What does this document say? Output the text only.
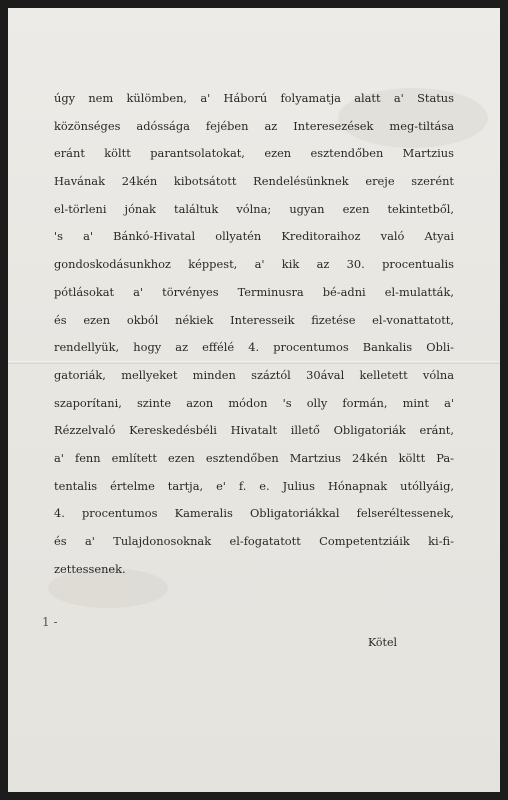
úgy nem külömben, a' Háború folyamatja alatt a' Status
közönséges adóssága fejében az Interesezések meg-tiltása
eránt költt parantsolatokat, ezen esztendőben Martzius
Havának 24kén kibotsátott Rendelésünknek ereje szerént
el-törleni jónak találtuk vólna; ugyan ezen tekintetből,
's a' Bánkó-Hivatal ollyatén Kreditoraihoz való Atyai
gondoskodásunkhoz képpest, a' kik az 30. procentualis
pótlásokat a' törvényes Terminusra bé-adni el-mulatták,
és ezen okból nékiek Interesseik fizetése el-vonattatott,
rendellyük, hogy az effélé 4. procentumos Bankalis Obli-
gatoriák, mellyeket minden száztól 30ával kelletett vólna
szaporítani, szinte azon módon 's olly formán, mint a'
Rézzelvaló Kereskedésbéli Hivatalt illető Obligatoriák eránt,
a' fenn említett ezen esztendőben Martzius 24kén költt Pa-
tentalis értelme tartja, e' f. e. Julius Hónapnak utóllyáig,
4. procentumos Kameralis Obligatoriákkal felseréltessenek,
és a' Tulajdonosoknak el-fogatatott Competentziáik ki-fi-
zettessenek.
1 -
Kötel
